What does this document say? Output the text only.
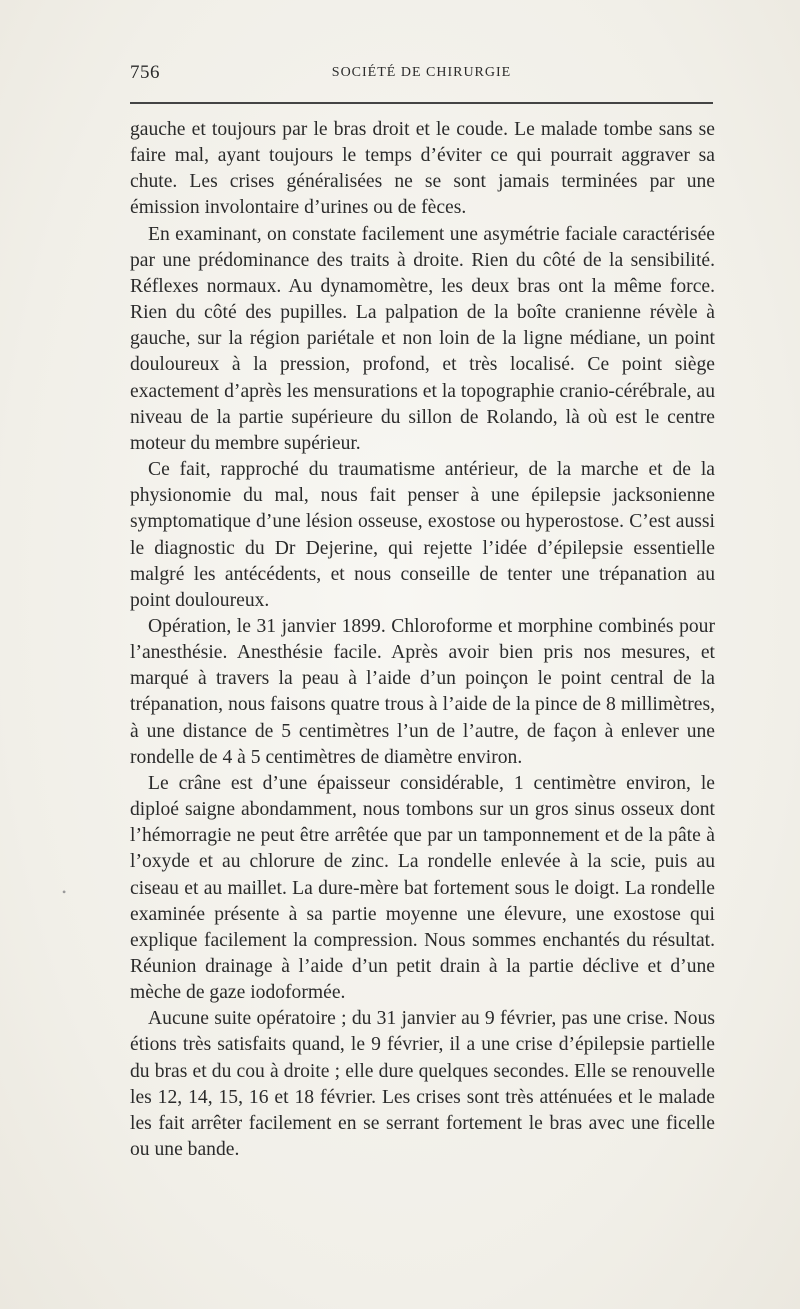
756	SOCIÉTÉ DE CHIRURGIE

gauche et toujours par le bras droit et le coude. Le malade tombe sans se faire mal, ayant toujours le temps d’éviter ce qui pourrait aggraver sa chute. Les crises généralisées ne se sont jamais terminées par une émission involontaire d’urines ou de fèces.

En examinant, on constate facilement une asymétrie faciale caractérisée par une prédominance des traits à droite. Rien du côté de la sensibilité. Réflexes normaux. Au dynamomètre, les deux bras ont la même force. Rien du côté des pupilles. La palpation de la boîte cranienne révèle à gauche, sur la région pariétale et non loin de la ligne médiane, un point douloureux à la pression, profond, et très localisé. Ce point siège exactement d’après les mensurations et la topographie cranio-cérébrale, au niveau de la partie supérieure du sillon de Rolando, là où est le centre moteur du membre supérieur.

Ce fait, rapproché du traumatisme antérieur, de la marche et de la physionomie du mal, nous fait penser à une épilepsie jacksonienne symptomatique d’une lésion osseuse, exostose ou hyperostose. C’est aussi le diagnostic du Dr Dejerine, qui rejette l’idée d’épilepsie essentielle malgré les antécédents, et nous conseille de tenter une trépanation au point douloureux.

Opération, le 31 janvier 1899. Chloroforme et morphine combinés pour l’anesthésie. Anesthésie facile. Après avoir bien pris nos mesures, et marqué à travers la peau à l’aide d’un poinçon le point central de la trépanation, nous faisons quatre trous à l’aide de la pince de 8 millimètres, à une distance de 5 centimètres l’un de l’autre, de façon à enlever une rondelle de 4 à 5 centimètres de diamètre environ.

Le crâne est d’une épaisseur considérable, 1 centimètre environ, le diploé saigne abondamment, nous tombons sur un gros sinus osseux dont l’hémorragie ne peut être arrêtée que par un tamponnement et de la pâte à l’oxyde et au chlorure de zinc. La rondelle enlevée à la scie, puis au ciseau et au maillet. La dure-mère bat fortement sous le doigt. La rondelle examinée présente à sa partie moyenne une élevure, une exostose qui explique facilement la compression. Nous sommes enchantés du résultat. Réunion drainage à l’aide d’un petit drain à la partie déclive et d’une mèche de gaze iodoformée.

Aucune suite opératoire ; du 31 janvier au 9 février, pas une crise. Nous étions très satisfaits quand, le 9 février, il a une crise d’épilepsie partielle du bras et du cou à droite ; elle dure quelques secondes. Elle se renouvelle les 12, 14, 15, 16 et 18 février. Les crises sont très atténuées et le malade les fait arrêter facilement en se serrant fortement le bras avec une ficelle ou une bande.

•
